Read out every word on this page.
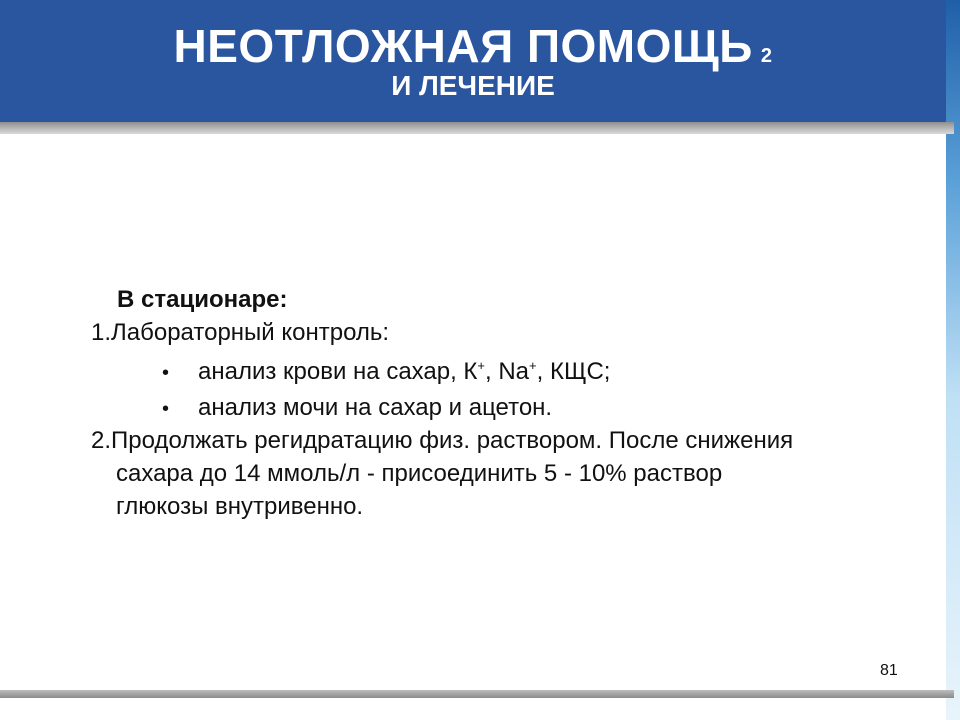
НЕОТЛОЖНАЯ ПОМОЩЬ 2
И ЛЕЧЕНИЕ
В стационаре:
1.Лабораторный контроль:
• анализ крови на сахар, К+, Na+, КЩС;
• анализ мочи на сахар и ацетон.
2.Продолжать регидратацию физ. раствором. После снижения
сахара до 14 ммоль/л - присоединить 5 - 10% раствор
глюкозы внутривенно.
81
